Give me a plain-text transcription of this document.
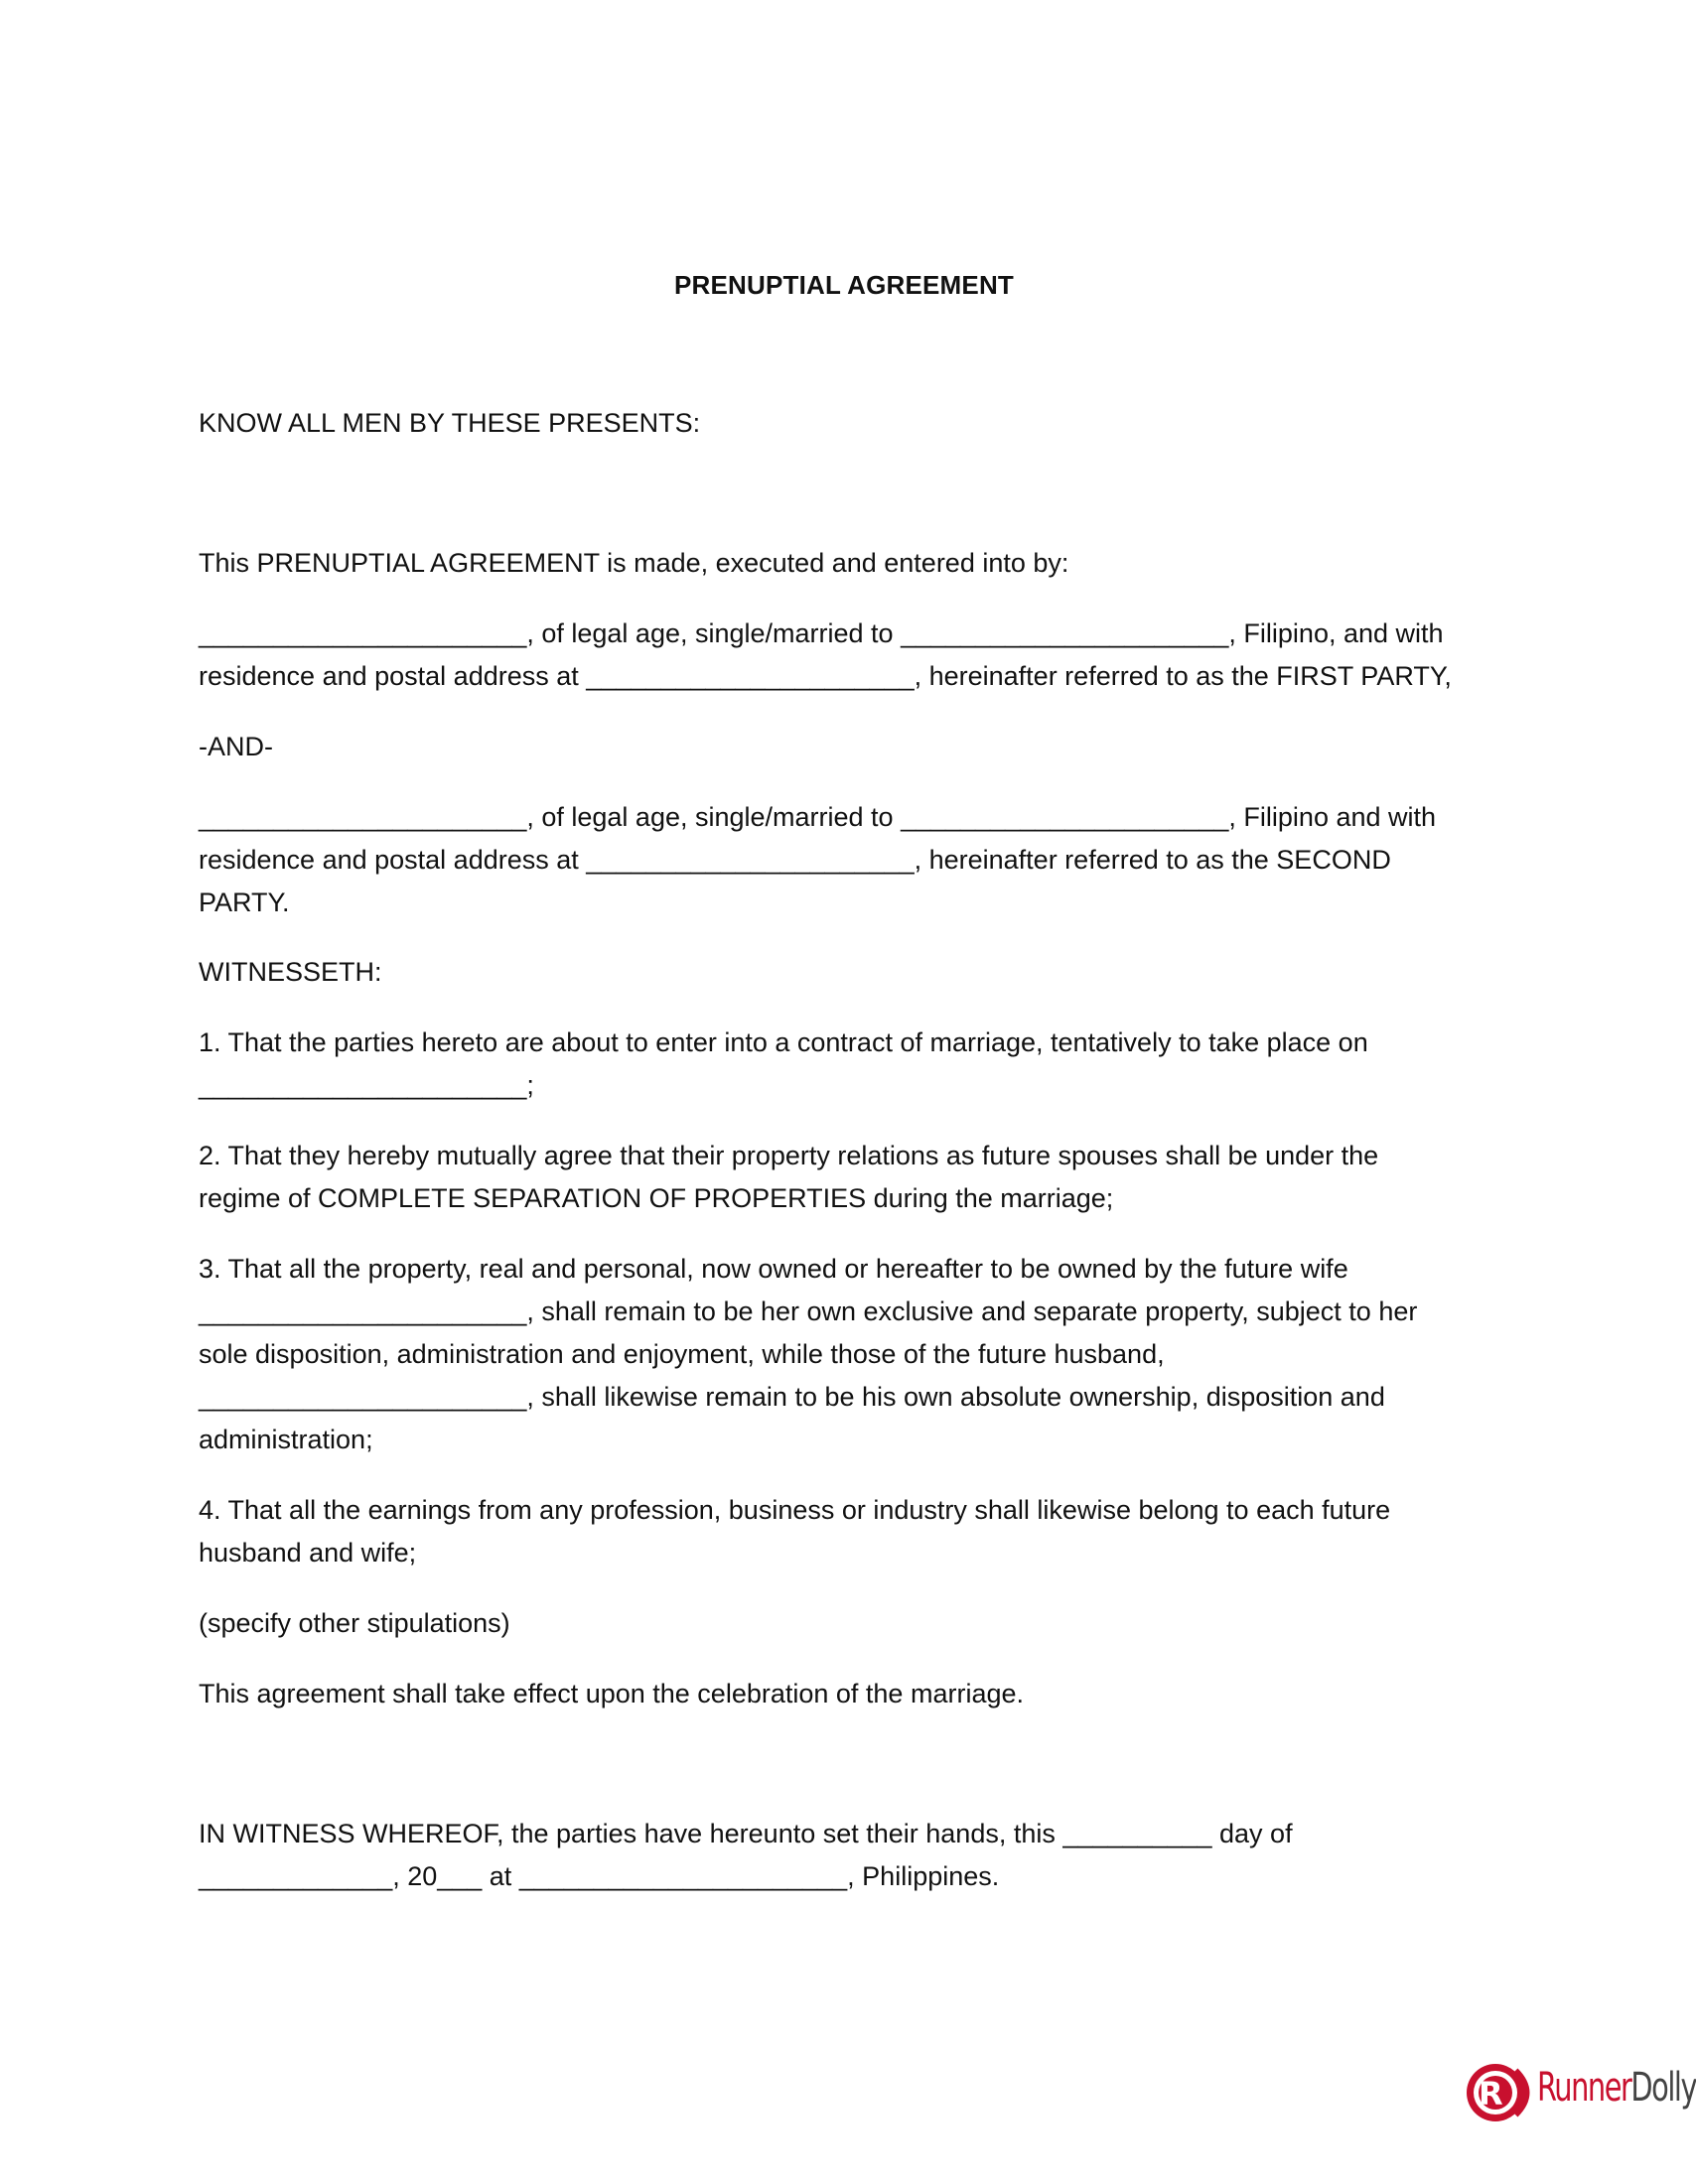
PRENUPTIAL AGREEMENT

KNOW ALL MEN BY THESE PRESENTS:

This PRENUPTIAL AGREEMENT is made, executed and entered into by:

______________________, of legal age, single/married to ______________________, Filipino, and with

residence and postal address at ______________________, hereinafter referred to as the FIRST PARTY,

-AND-

______________________, of legal age, single/married to ______________________, Filipino and with

residence and postal address at ______________________, hereinafter referred to as the SECOND

PARTY.

WITNESSETH:

1. That the parties hereto are about to enter into a contract of marriage, tentatively to take place on

______________________;

2. That they hereby mutually agree that their property relations as future spouses shall be under the

regime of COMPLETE SEPARATION OF PROPERTIES during the marriage;

3. That all the property, real and personal, now owned or hereafter to be owned by the future wife

______________________, shall remain to be her own exclusive and separate property, subject to her

sole disposition, administration and enjoyment, while those of the future husband,

______________________, shall likewise remain to be his own absolute ownership, disposition and

administration;

4. That all the earnings from any profession, business or industry shall likewise belong to each future

husband and wife;

(specify other stipulations)

This agreement shall take effect upon the celebration of the marriage.

IN WITNESS WHEREOF, the parties have hereunto set their hands, this __________ day of

_____________, 20___ at ______________________, Philippines.

R RunnerDolly
